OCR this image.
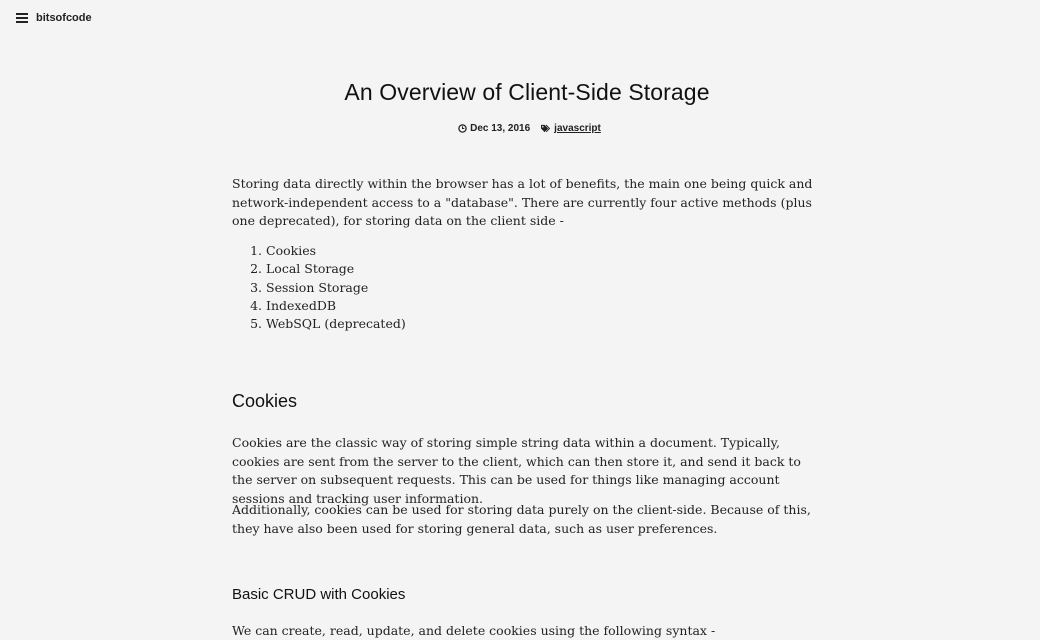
bitsofcode
An Overview of Client-Side Storage
Dec 13, 2016 javascript

Storing data directly within the browser has a lot of benefits, the main one being quick and network-independent access to a "database". There are currently four active methods (plus one deprecated), for storing data on the client side -

1. Cookies
2. Local Storage
3. Session Storage
4. IndexedDB
5. WebSQL (deprecated)
Cookies

Cookies are the classic way of storing simple string data within a document. Typically, cookies are sent from the server to the client, which can then store it, and send it back to the server on subsequent requests. This can be used for things like managing account sessions and tracking user information.

Additionally, cookies can be used for storing data purely on the client-side. Because of this, they have also been used for storing general data, such as user preferences.

Basic CRUD with Cookies

We can create, read, update, and delete cookies using the following syntax -
